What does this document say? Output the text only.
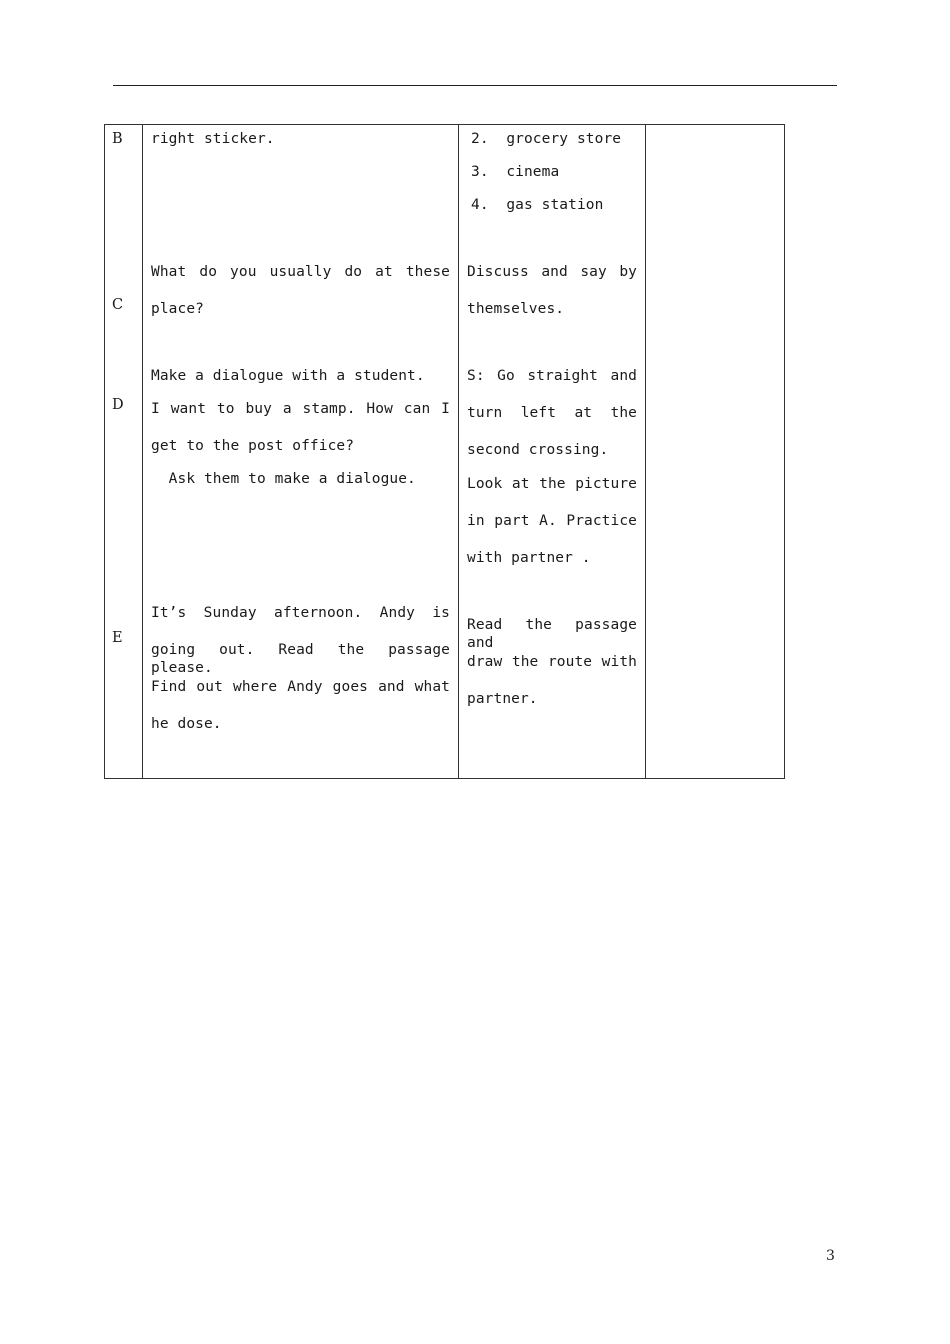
B right sticker.	2.  grocery store
3.  cinema
4.  gas station
What do you usually do at these
C place?
Discuss and say by
themselves.
Make a dialogue with a student.
D I want to buy a stamp. How can I
get to the post office?
Ask them to make a dialogue.
S: Go straight and
turn left at the
second crossing.
Look at the picture
in part A. Practice
with partner .
It’s Sunday afternoon. Andy is
E
going out. Read the passage please.
Find out where Andy goes and what
he dose.
Read the passage and
draw the route with
partner.
3
